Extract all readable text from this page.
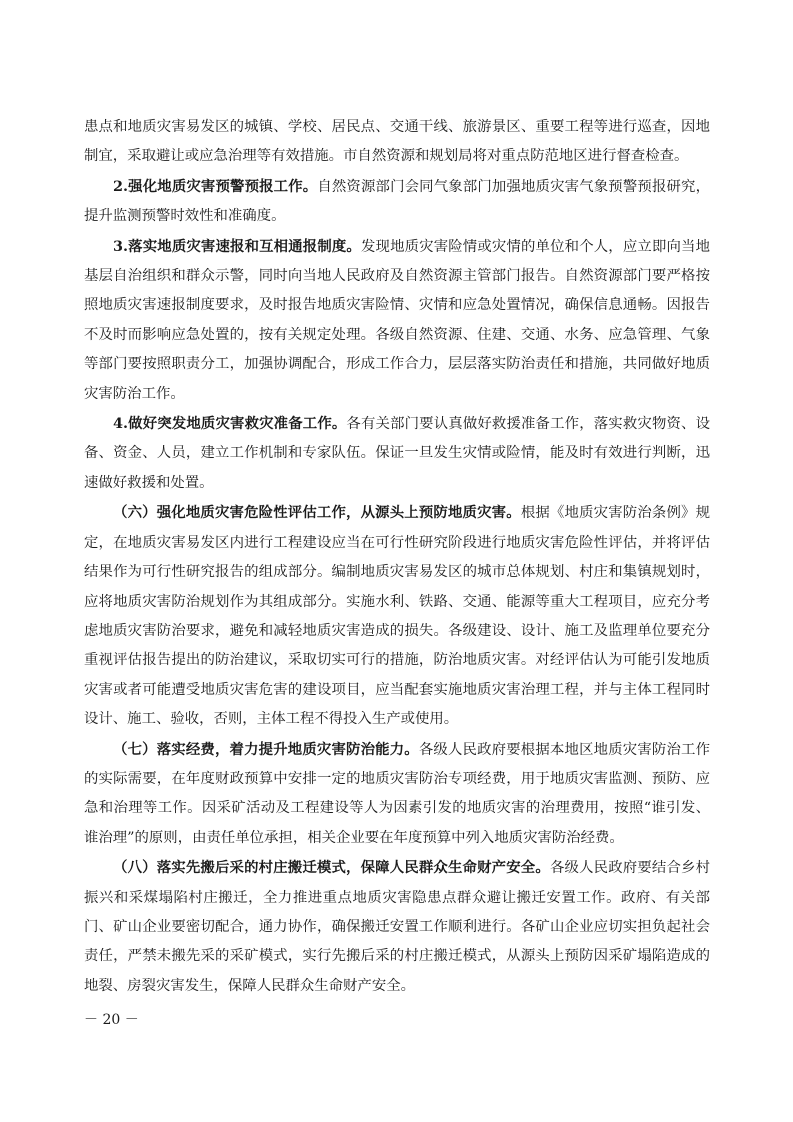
患点和地质灾害易发区的城镇、学校、居民点、交通干线、旅游景区、重要工程等进行巡查，因地制宜，采取避让或应急治理等有效措施。市自然资源和规划局将对重点防范地区进行督查检查。

2.强化地质灾害预警预报工作。自然资源部门会同气象部门加强地质灾害气象预警预报研究，提升监测预警时效性和准确度。

3.落实地质灾害速报和互相通报制度。发现地质灾害险情或灾情的单位和个人，应立即向当地基层自治组织和群众示警，同时向当地人民政府及自然资源主管部门报告。自然资源部门要严格按照地质灾害速报制度要求，及时报告地质灾害险情、灾情和应急处置情况，确保信息通畅。因报告不及时而影响应急处置的，按有关规定处理。各级自然资源、住建、交通、水务、应急管理、气象等部门要按照职责分工，加强协调配合，形成工作合力，层层落实防治责任和措施，共同做好地质灾害防治工作。

4.做好突发地质灾害救灾准备工作。各有关部门要认真做好救援准备工作，落实救灾物资、设备、资金、人员，建立工作机制和专家队伍。保证一旦发生灾情或险情，能及时有效进行判断，迅速做好救援和处置。

（六）强化地质灾害危险性评估工作，从源头上预防地质灾害。根据《地质灾害防治条例》规定，在地质灾害易发区内进行工程建设应当在可行性研究阶段进行地质灾害危险性评估，并将评估结果作为可行性研究报告的组成部分。编制地质灾害易发区的城市总体规划、村庄和集镇规划时，应将地质灾害防治规划作为其组成部分。实施水利、铁路、交通、能源等重大工程项目，应充分考虑地质灾害防治要求，避免和减轻地质灾害造成的损失。各级建设、设计、施工及监理单位要充分重视评估报告提出的防治建议，采取切实可行的措施，防治地质灾害。对经评估认为可能引发地质灾害或者可能遭受地质灾害危害的建设项目，应当配套实施地质灾害治理工程，并与主体工程同时设计、施工、验收，否则，主体工程不得投入生产或使用。

（七）落实经费，着力提升地质灾害防治能力。各级人民政府要根据本地区地质灾害防治工作的实际需要，在年度财政预算中安排一定的地质灾害防治专项经费，用于地质灾害监测、预防、应急和治理等工作。因采矿活动及工程建设等人为因素引发的地质灾害的治理费用，按照“谁引发、谁治理”的原则，由责任单位承担，相关企业要在年度预算中列入地质灾害防治经费。

（八）落实先搬后采的村庄搬迁模式，保障人民群众生命财产安全。各级人民政府要结合乡村振兴和采煤塌陷村庄搬迁，全力推进重点地质灾害隐患点群众避让搬迁安置工作。政府、有关部门、矿山企业要密切配合，通力协作，确保搬迁安置工作顺利进行。各矿山企业应切实担负起社会责任，严禁未搬先采的采矿模式，实行先搬后采的村庄搬迁模式，从源头上预防因采矿塌陷造成的地裂、房裂灾害发生，保障人民群众生命财产安全。

－ 20 －
